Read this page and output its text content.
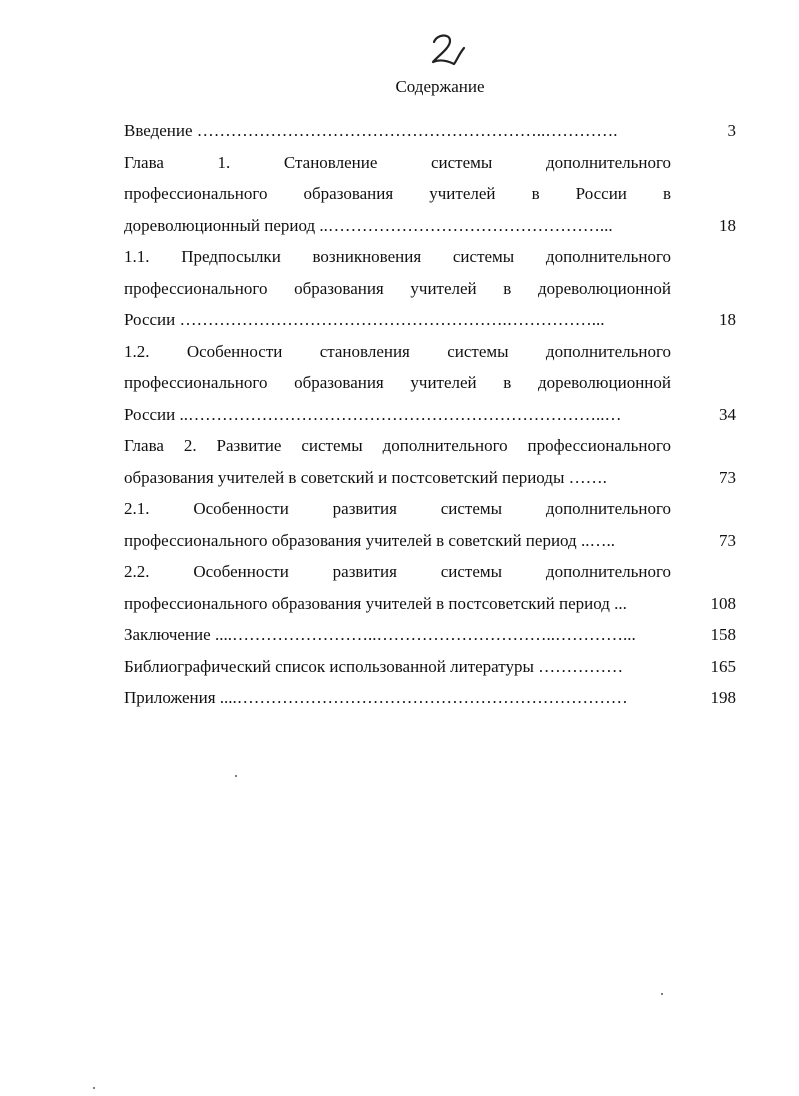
Содержание
Введение ……………………………………………………..………….	3
Глава 1. Становление системы дополнительного
профессионального образования учителей в России в
дореволюционный период ..…………………………………………...	18
1.1. Предпосылки возникновения системы дополнительного
профессионального образования учителей в дореволюционной
России ………………………………………………….……………...	18
1.2. Особенности становления системы дополнительного
профессионального образования учителей в дореволюционной
России ..………………………………………………………………..…	34
Глава 2. Развитие системы дополнительного профессионального
образования учителей в советский и постсоветский периоды …….	73
2.1. Особенности развития системы дополнительного
профессионального образования учителей в советский период ..…..	73
2.2. Особенности развития системы дополнительного
профессионального образования учителей в постсоветский период ...	108
Заключение ....……………………..…………………………..…………...	158
Библиографический список использованной литературы ……………	165
Приложения ....……………………………………………………………	198
